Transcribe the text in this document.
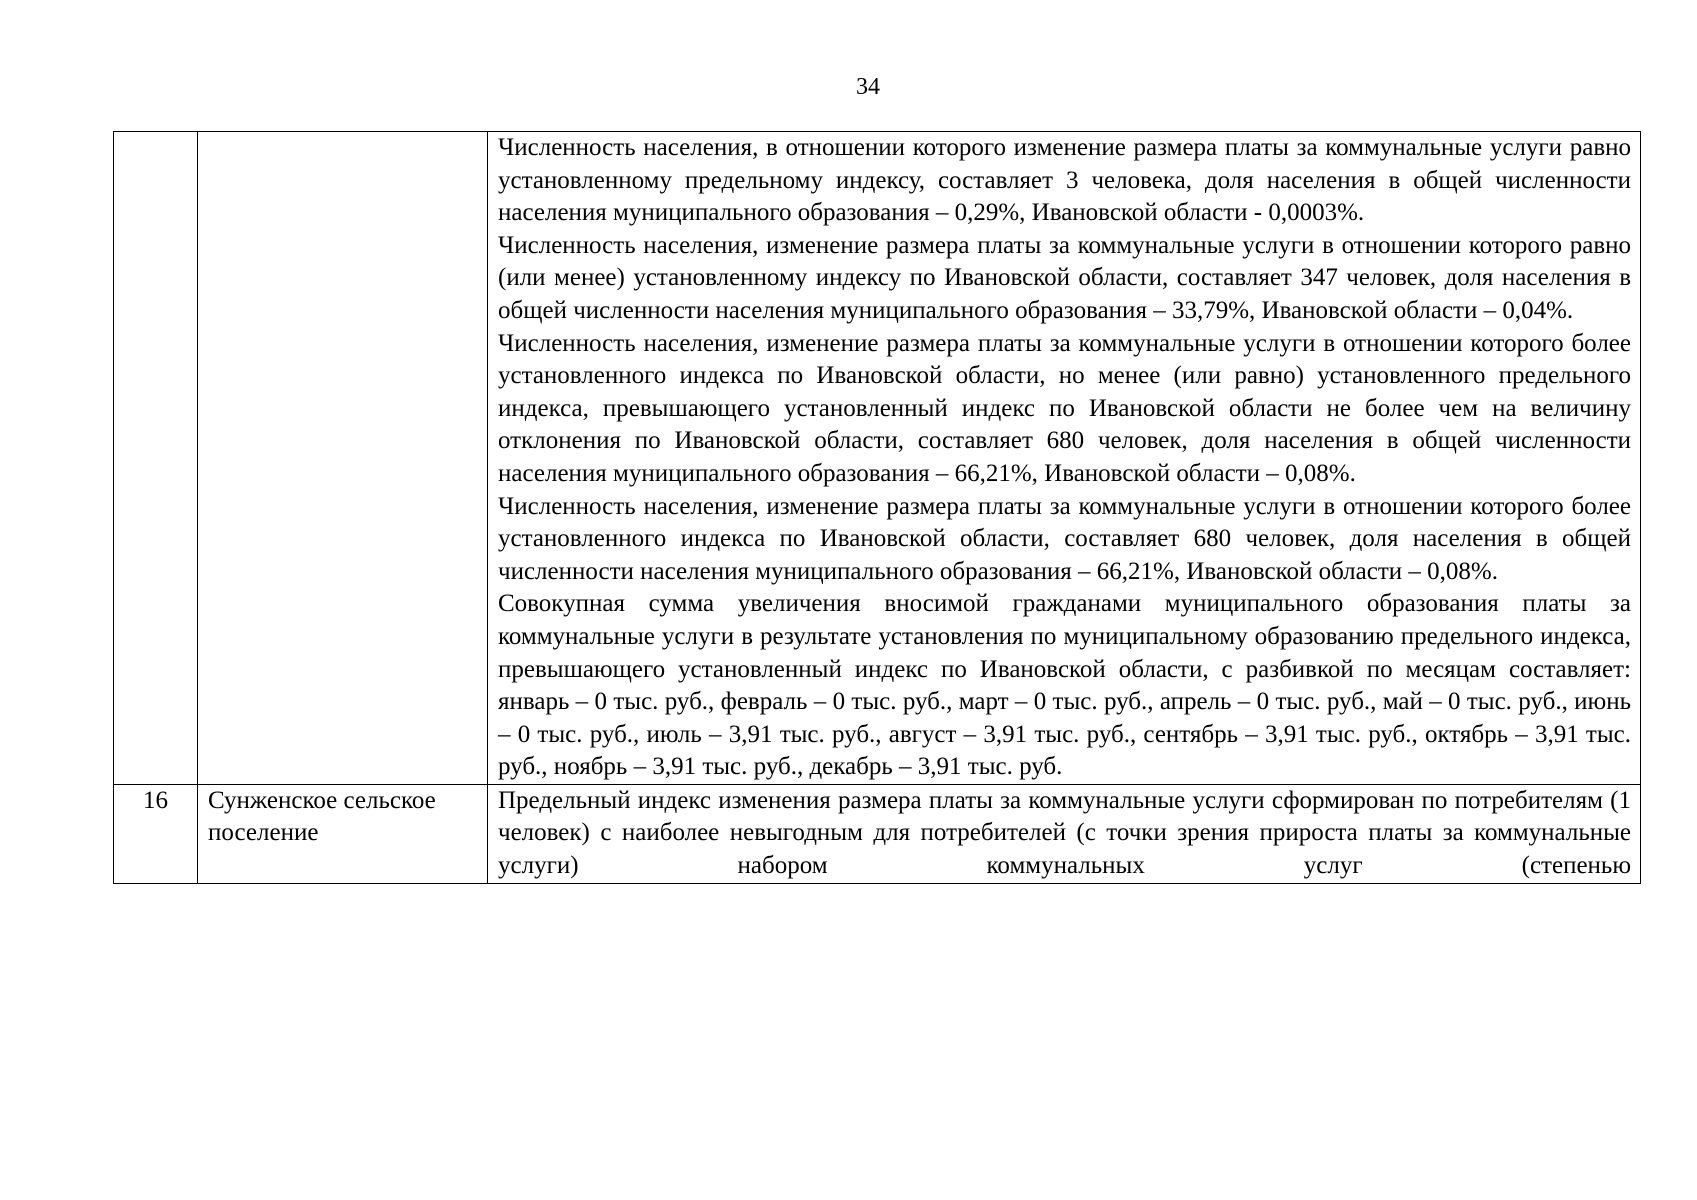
34

		Численность населения, в отношении которого изменение размера платы за коммунальные услуги равно установленному предельному индексу, составляет 3 человека, доля населения в общей численности населения муниципального образования – 0,29%, Ивановской области - 0,0003%.

Численность населения, изменение размера платы за коммунальные услуги в отношении которого равно (или менее) установленному индексу по Ивановской области, составляет 347 человек, доля населения в общей численности населения муниципального образования – 33,79%, Ивановской области – 0,04%.

Численность населения, изменение размера платы за коммунальные услуги в отношении которого более установленного индекса по Ивановской области, но менее (или равно) установленного предельного индекса, превышающего установленный индекс по Ивановской области не более чем на величину отклонения по Ивановской области, составляет 680 человек, доля населения в общей численности населения муниципального образования – 66,21%, Ивановской области – 0,08%.

Численность населения, изменение размера платы за коммунальные услуги в отношении которого более установленного индекса по Ивановской области, составляет 680 человек, доля населения в общей численности населения муниципального образования – 66,21%, Ивановской области – 0,08%.

Совокупная сумма увеличения вносимой гражданами муниципального образования платы за коммунальные услуги в результате установления по муниципальному образованию предельного индекса, превышающего установленный индекс по Ивановской области, с разбивкой по месяцам составляет: январь – 0 тыс. руб., февраль – 0 тыс. руб., март – 0 тыс. руб., апрель – 0 тыс. руб., май – 0 тыс. руб., июнь – 0 тыс. руб., июль – 3,91 тыс. руб., август – 3,91 тыс. руб., сентябрь – 3,91 тыс. руб., октябрь – 3,91 тыс. руб., ноябрь – 3,91 тыс. руб., декабрь – 3,91 тыс. руб.

16	Сунженское сельское
поселение	Предельный индекс изменения размера платы за коммунальные услуги сформирован по потребителям (1 человек) с наиболее невыгодным для потребителей (с точки зрения прироста платы за коммунальные услуги) набором коммунальных услуг (степенью
